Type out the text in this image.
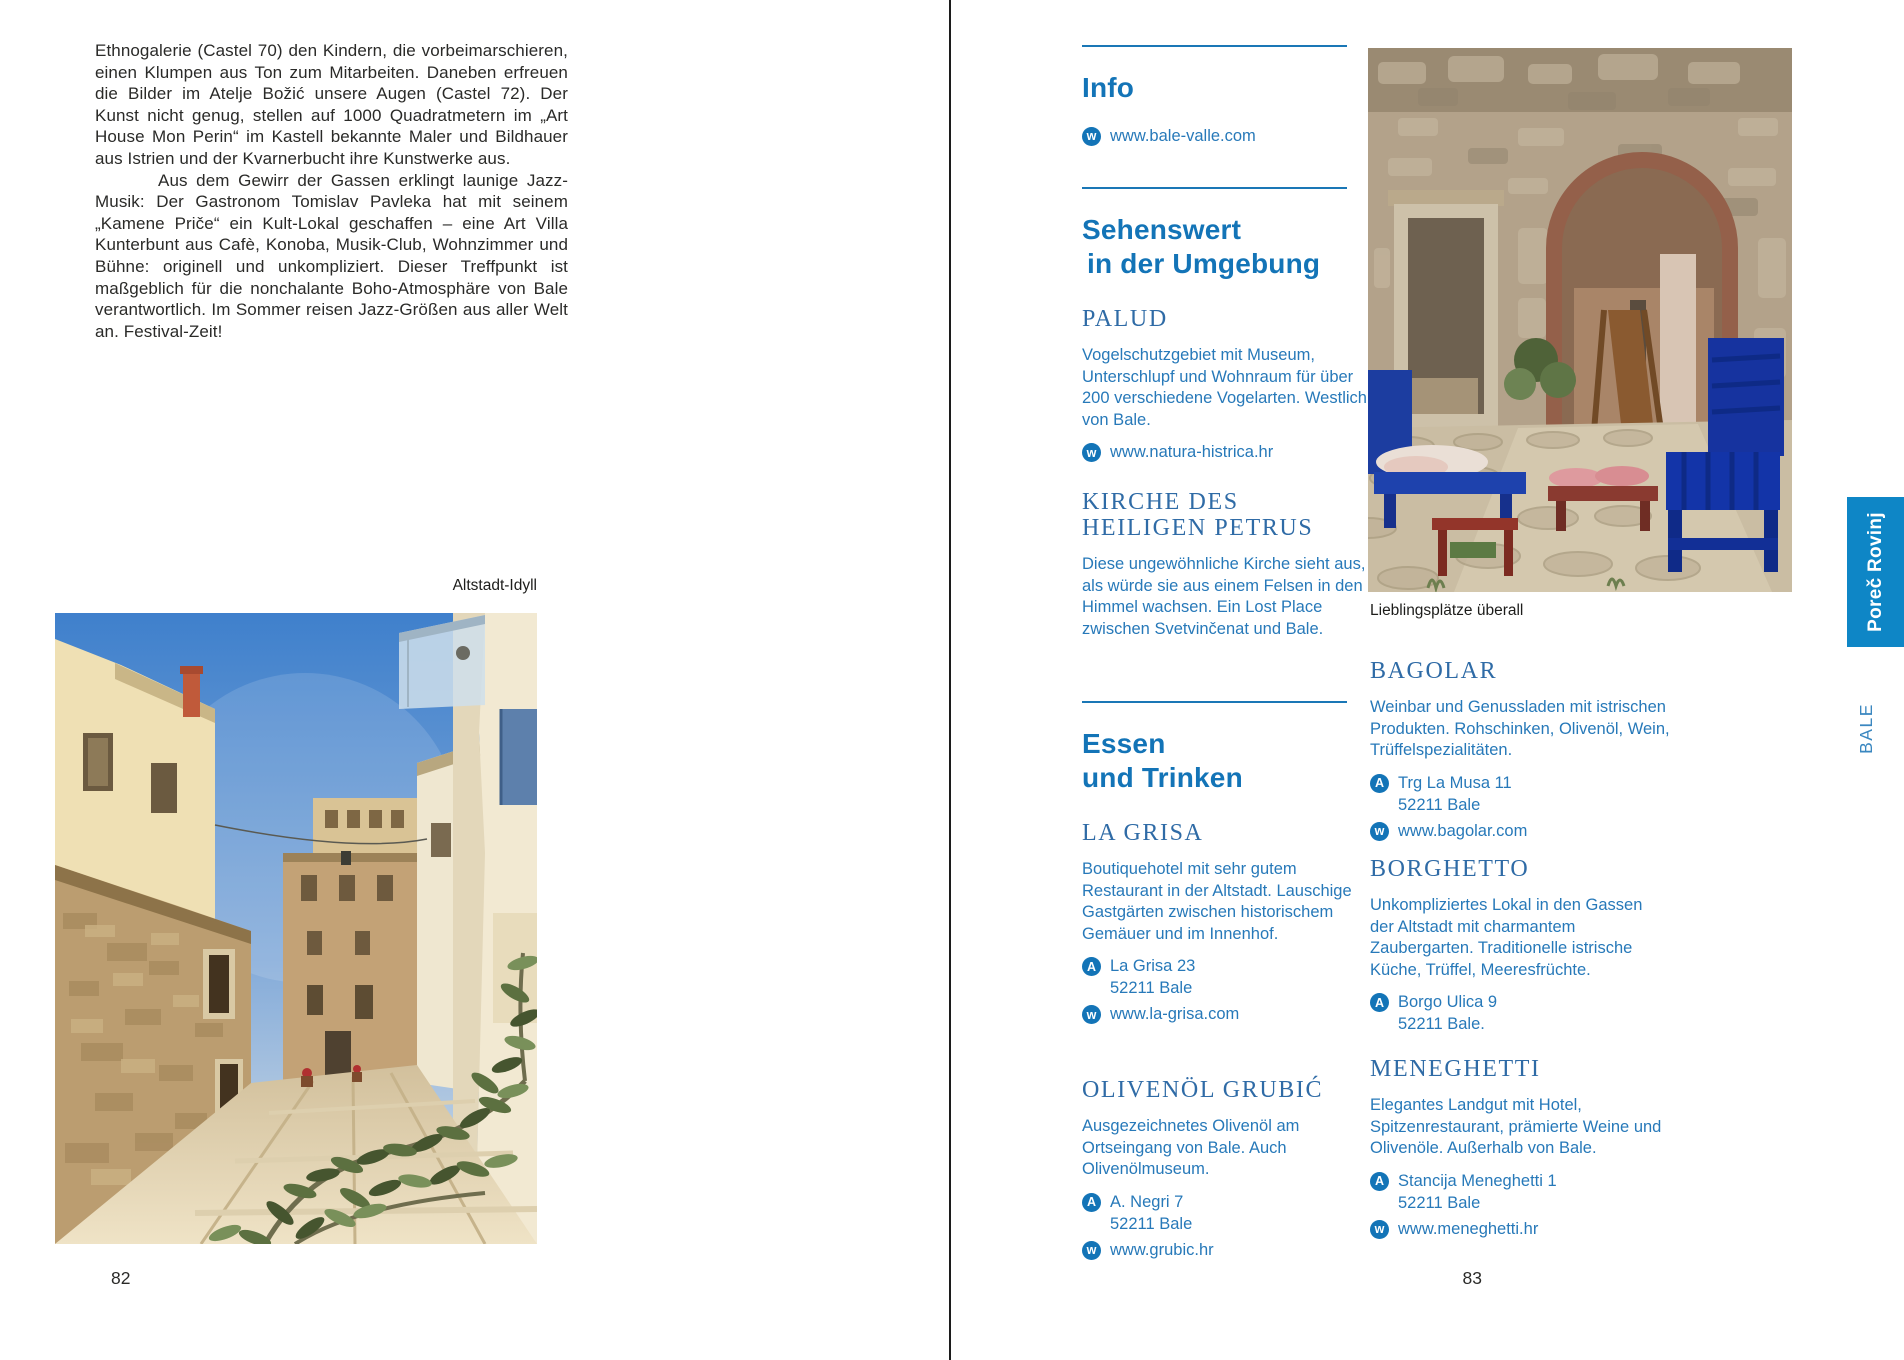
Ethnogalerie (Castel 70) den Kindern, die vorbeimarschieren, einen Klumpen aus Ton zum Mitarbeiten. Daneben erfreuen die Bilder im Atelje Božić unsere Augen (Castel 72). Der Kunst nicht genug, stellen auf 1000 Quadratmetern im „Art House Mon Perin“ im Kastell bekannte Maler und Bildhauer aus Istrien und der Kvarnerbucht ihre Kunstwerke aus.

Aus dem Gewirr der Gassen erklingt launige Jazz-Musik: Der Gastronom Tomislav Pavleka hat mit seinem „Kamene Priče“ ein Kult-Lokal geschaffen – eine Art Villa Kunterbunt aus Cafè, Konoba, Musik-Club, Wohnzimmer und Bühne: originell und unkompliziert. Dieser Treffpunkt ist maßgeblich für die nonchalante Boho-Atmosphäre von Bale verantwortlich. Im Sommer reisen Jazz-Größen aus aller Welt an. Festival-Zeit!

Altstadt-Idyll
82
Info
w www.bale-valle.com
Sehenswert
in der Umgebung
PALUD

Vogelschutzgebiet mit Museum, Unterschlupf und Wohnraum für über 200 verschiedene Vogelarten. Westlich von Bale.

w www.natura-histrica.hr
KIRCHE DES HEILIGEN PETRUS

Diese ungewöhnliche Kirche sieht aus, als würde sie aus einem Felsen in den Himmel wachsen. Ein Lost Place zwischen Svetvinčenat und Bale.

Essen
und Trinken
LA GRISA

Boutiquehotel mit sehr gutem Restaurant in der Altstadt. Lauschige Gastgärten zwischen historischem Gemäuer und im Innenhof.

A La Grisa 23
52211 Bale
w www.la-grisa.com
OLIVENÖL GRUBIĆ

Ausgezeichnetes Olivenöl am Ortseingang von Bale. Auch Olivenölmuseum.

A A. Negri 7
52211 Bale
w www.grubic.hr
Lieblingsplätze überall
BAGOLAR

Weinbar und Genussladen mit istrischen Produkten. Rohschinken, Olivenöl, Wein, Trüffelspezialitäten.

A Trg La Musa 11
52211 Bale
w www.bagolar.com
BORGHETTO

Unkompliziertes Lokal in den Gassen der Altstadt mit charmantem Zaubergarten. Traditionelle istrische Küche, Trüffel, Meeresfrüchte.

A Borgo Ulica 9
52211 Bale.
MENEGHETTI

Elegantes Landgut mit Hotel, Spitzenrestaurant, prämierte Weine und Olivenöle. Außerhalb von Bale.

A Stancija Meneghetti 1
52211 Bale
w www.meneghetti.hr
Poreč Rovinj
BALE
83
